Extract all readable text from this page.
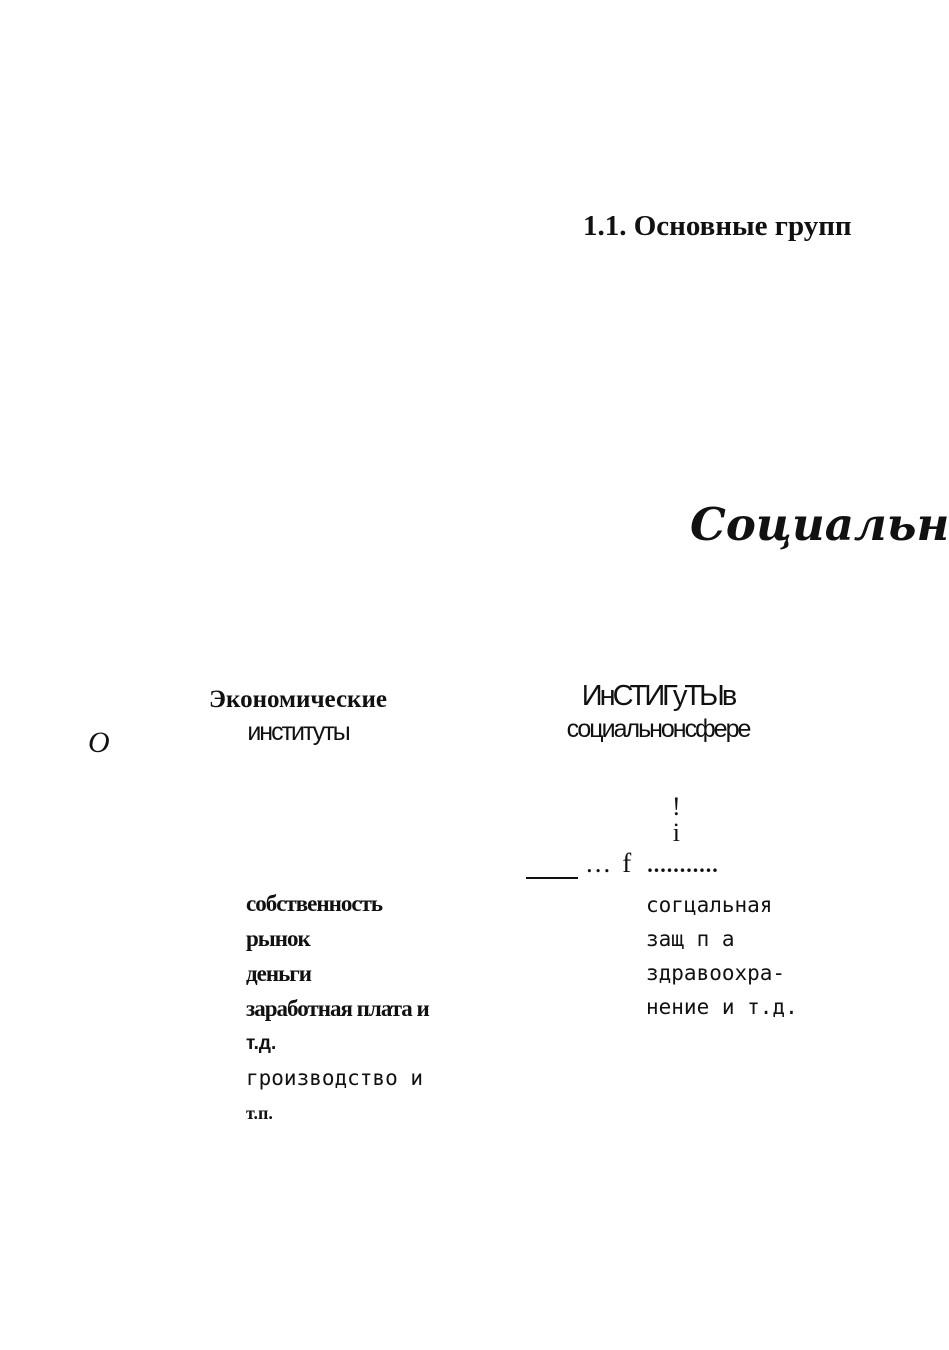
1.1. Основные групп
Социальн
O
Экономические
институты
ИнСТИГуТЫв
социальнонсфере
!
i
... f ...........
собственность
рынок
деньги
заработная плата и
т.д.
гроизводство и
т.п.
согцальная
защ п а
здравоохра-
нение и т.д.
